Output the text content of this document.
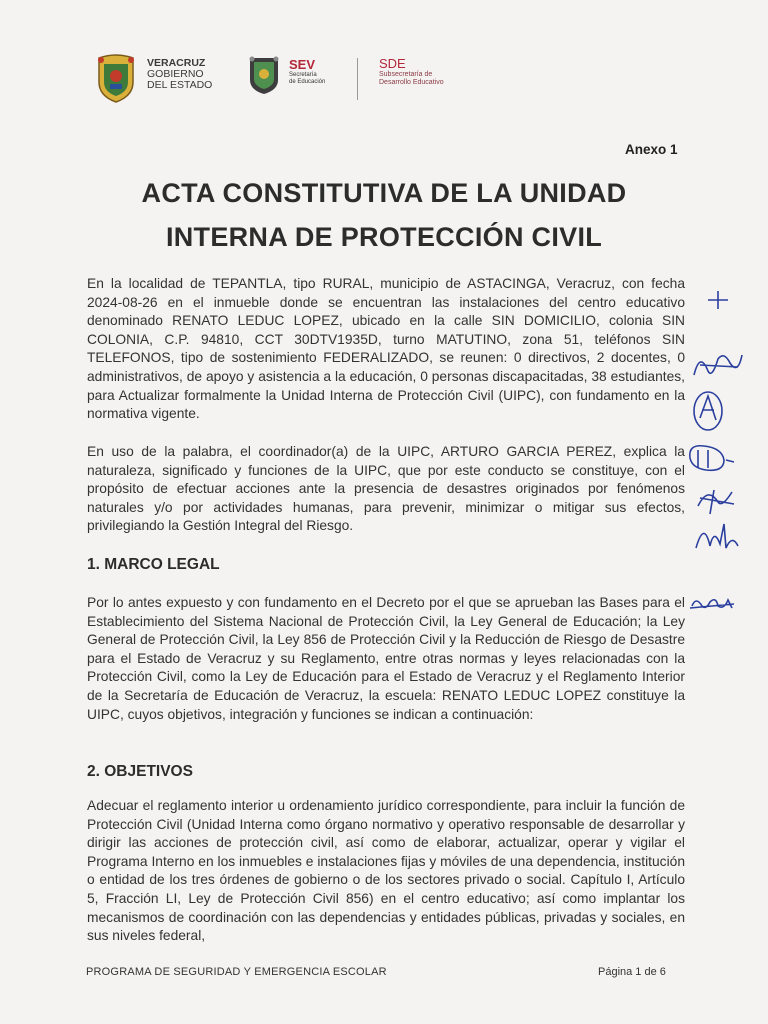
VERACRUZ
GOBIERNO
DEL ESTADO
SEV
Secretaría
de Educación
SDE
Subsecretaría de
Desarrollo Educativo
Anexo 1
ACTA CONSTITUTIVA DE LA UNIDAD
INTERNA DE PROTECCIÓN CIVIL
En la localidad de TEPANTLA, tipo RURAL, municipio de ASTACINGA, Veracruz, con fecha 2024-08-26 en el inmueble donde se encuentran las instalaciones del centro educativo denominado RENATO LEDUC LOPEZ, ubicado en la calle SIN DOMICILIO, colonia SIN COLONIA, C.P. 94810, CCT 30DTV1935D, turno MATUTINO, zona 51, teléfonos SIN TELEFONOS, tipo de sostenimiento FEDERALIZADO, se reunen: 0 directivos, 2 docentes, 0 administrativos, de apoyo y asistencia a la educación, 0 personas discapacitadas, 38 estudiantes, para Actualizar formalmente la Unidad Interna de Protección Civil (UIPC), con fundamento en la normativa vigente.
En uso de la palabra, el coordinador(a) de la UIPC, ARTURO GARCIA PEREZ, explica la naturaleza, significado y funciones de la UIPC, que por este conducto se constituye, con el propósito de efectuar acciones ante la presencia de desastres originados por fenómenos naturales y/o por actividades humanas, para prevenir, minimizar o mitigar sus efectos, privilegiando la Gestión Integral del Riesgo.
1. MARCO LEGAL
Por lo antes expuesto y con fundamento en el Decreto por el que se aprueban las Bases para el Establecimiento del Sistema Nacional de Protección Civil, la Ley General de Educación; la Ley General de Protección Civil, la Ley 856 de Protección Civil y la Reducción de Riesgo de Desastre para el Estado de Veracruz y su Reglamento, entre otras normas y leyes relacionadas con la Protección Civil, como la Ley de Educación para el Estado de Veracruz y el Reglamento Interior de la Secretaría de Educación de Veracruz, la escuela: RENATO LEDUC LOPEZ constituye la UIPC, cuyos objetivos, integración y funciones se indican a continuación:
2. OBJETIVOS
Adecuar el reglamento interior u ordenamiento jurídico correspondiente, para incluir la función de Protección Civil (Unidad Interna como órgano normativo y operativo responsable de desarrollar y dirigir las acciones de protección civil, así como de elaborar, actualizar, operar y vigilar el Programa Interno en los inmuebles e instalaciones fijas y móviles de una dependencia, institución o entidad de los tres órdenes de gobierno o de los sectores privado o social. Capítulo I, Artículo 5, Fracción LI, Ley de Protección Civil 856) en el centro educativo; así como implantar los mecanismos de coordinación con las dependencias y entidades públicas, privadas y sociales, en sus niveles federal,
PROGRAMA DE SEGURIDAD Y EMERGENCIA ESCOLAR	Página 1 de 6
